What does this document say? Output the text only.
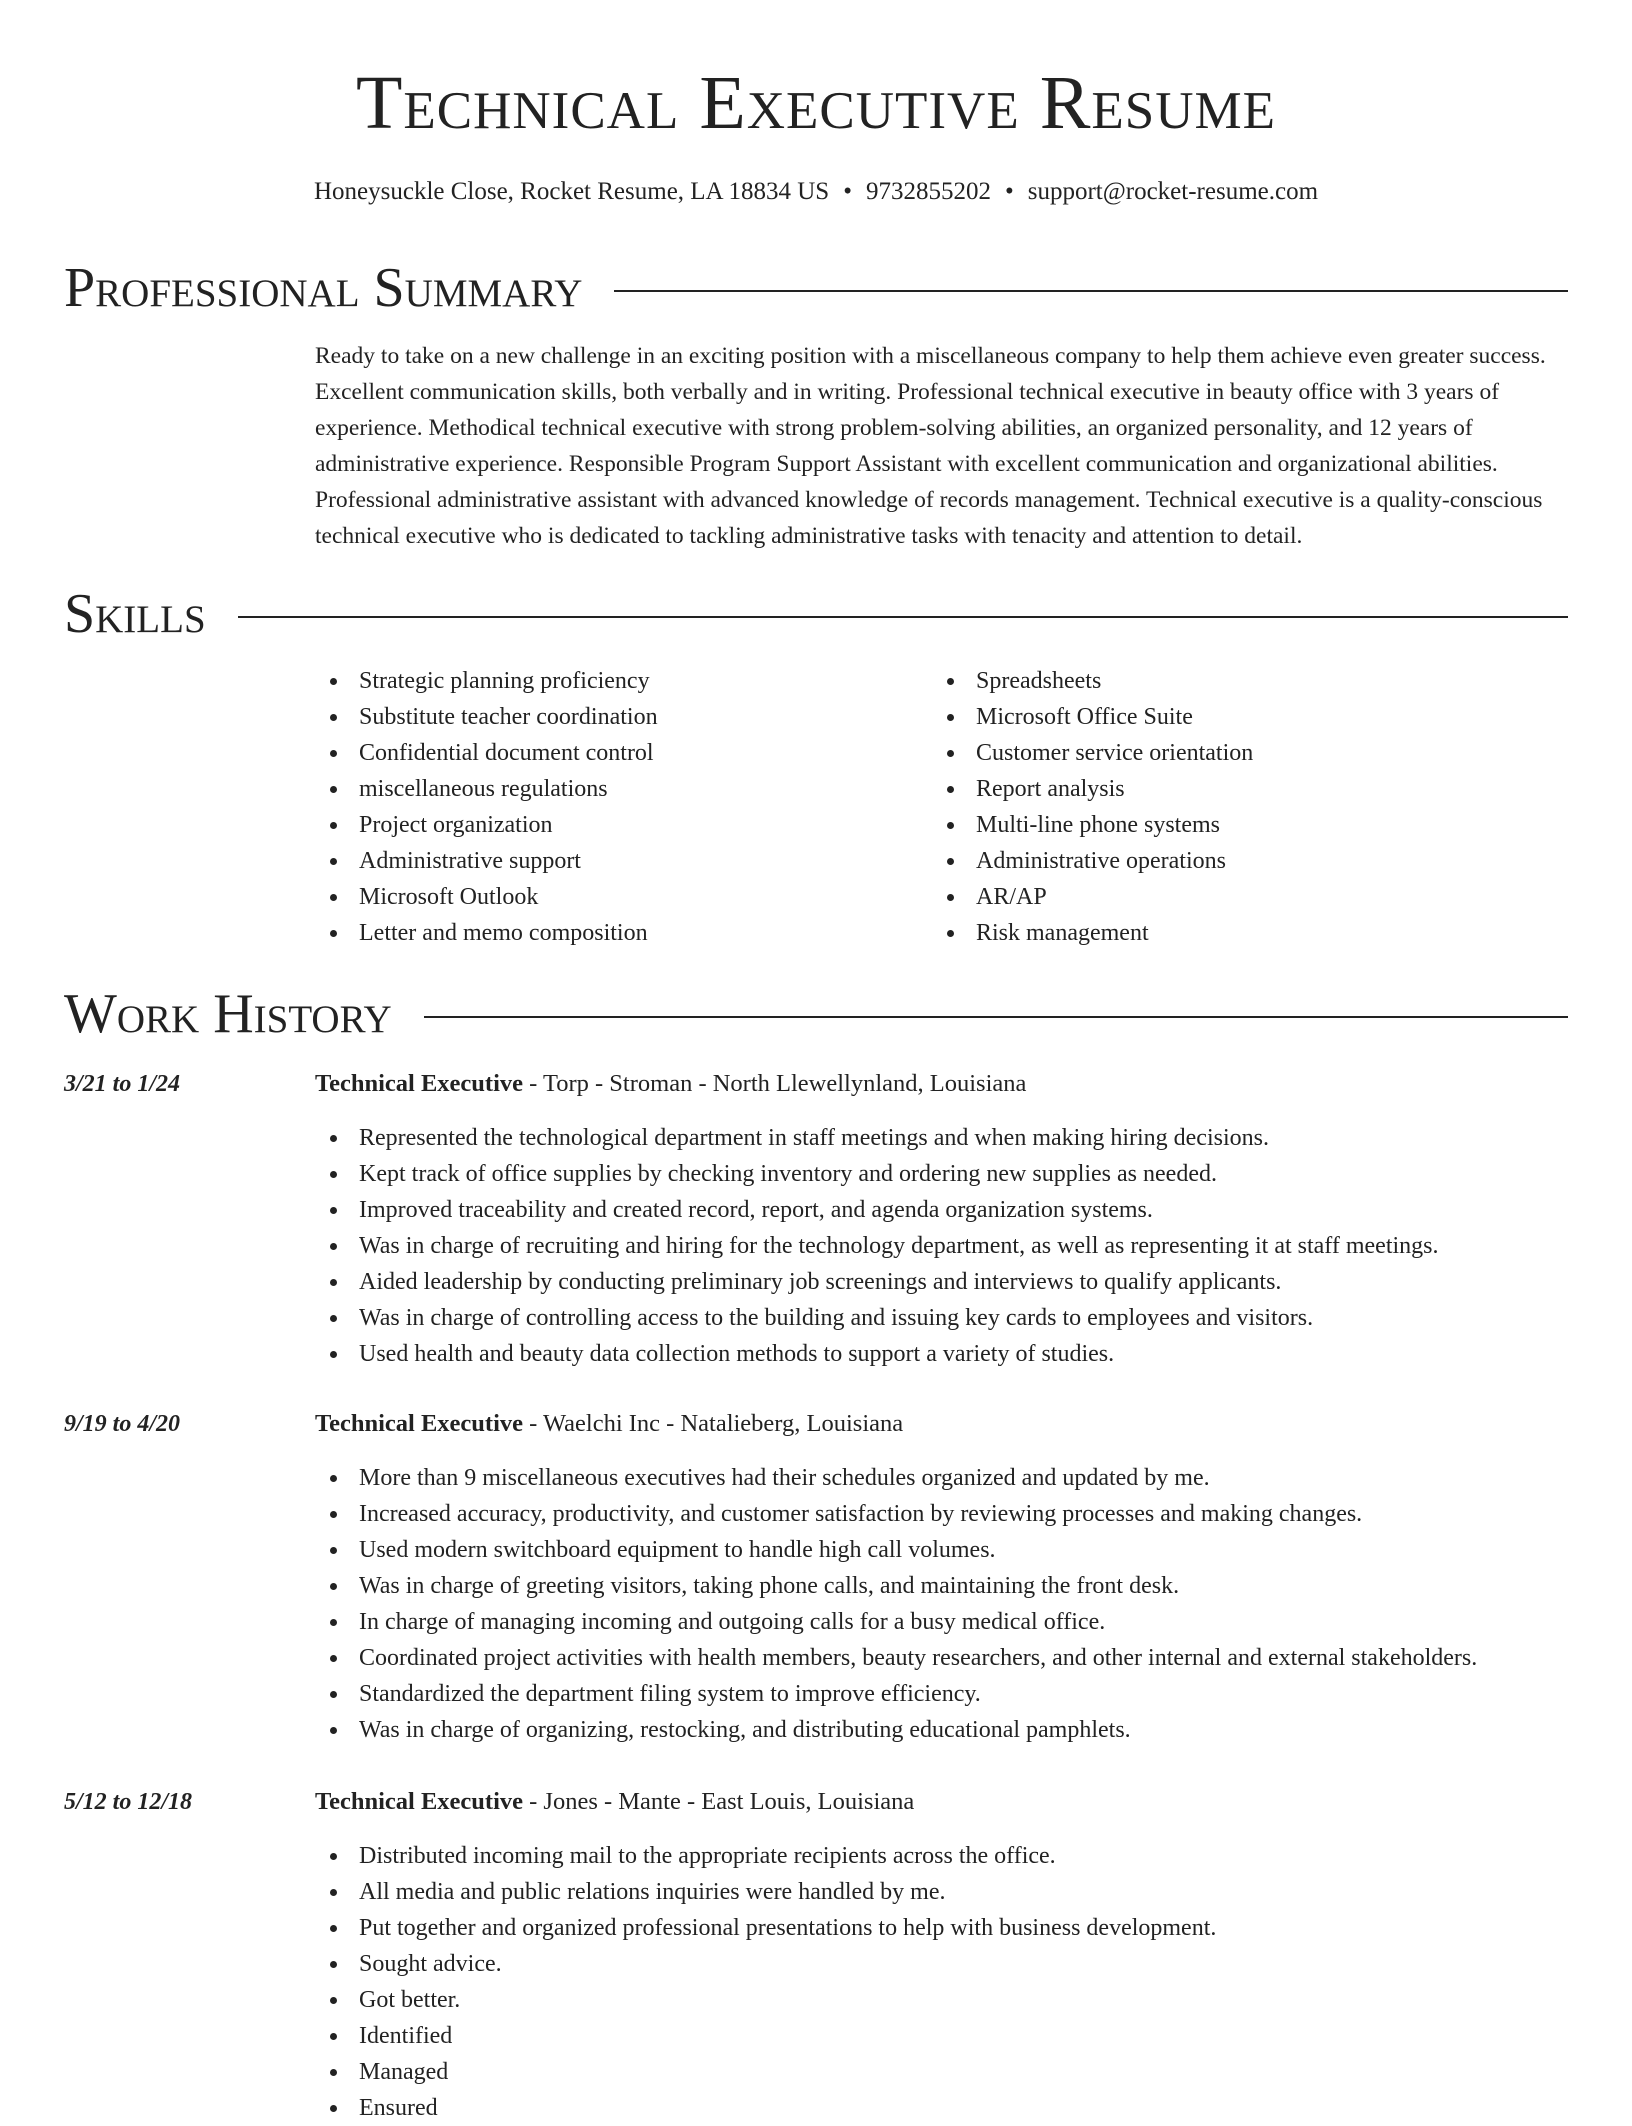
Technical Executive Resume
Honeysuckle Close, Rocket Resume, LA 18834 US • 9732855202 • support@rocket-resume.com
Professional Summary
Ready to take on a new challenge in an exciting position with a miscellaneous company to help them achieve even greater success. Excellent communication skills, both verbally and in writing. Professional technical executive in beauty office with 3 years of experience. Methodical technical executive with strong problem-solving abilities, an organized personality, and 12 years of administrative experience. Responsible Program Support Assistant with excellent communication and organizational abilities. Professional administrative assistant with advanced knowledge of records management. Technical executive is a quality-conscious technical executive who is dedicated to tackling administrative tasks with tenacity and attention to detail.
Skills
Strategic planning proficiency
Substitute teacher coordination
Confidential document control
miscellaneous regulations
Project organization
Administrative support
Microsoft Outlook
Letter and memo composition
Spreadsheets
Microsoft Office Suite
Customer service orientation
Report analysis
Multi-line phone systems
Administrative operations
AR/AP
Risk management
Work History
3/21 to 1/24	Technical Executive - Torp - Stroman - North Llewellynland, Louisiana
Represented the technological department in staff meetings and when making hiring decisions.
Kept track of office supplies by checking inventory and ordering new supplies as needed.
Improved traceability and created record, report, and agenda organization systems.
Was in charge of recruiting and hiring for the technology department, as well as representing it at staff meetings.
Aided leadership by conducting preliminary job screenings and interviews to qualify applicants.
Was in charge of controlling access to the building and issuing key cards to employees and visitors.
Used health and beauty data collection methods to support a variety of studies.
9/19 to 4/20	Technical Executive - Waelchi Inc - Natalieberg, Louisiana
More than 9 miscellaneous executives had their schedules organized and updated by me.
Increased accuracy, productivity, and customer satisfaction by reviewing processes and making changes.
Used modern switchboard equipment to handle high call volumes.
Was in charge of greeting visitors, taking phone calls, and maintaining the front desk.
In charge of managing incoming and outgoing calls for a busy medical office.
Coordinated project activities with health members, beauty researchers, and other internal and external stakeholders.
Standardized the department filing system to improve efficiency.
Was in charge of organizing, restocking, and distributing educational pamphlets.
5/12 to 12/18	Technical Executive - Jones - Mante - East Louis, Louisiana
Distributed incoming mail to the appropriate recipients across the office.
All media and public relations inquiries were handled by me.
Put together and organized professional presentations to help with business development.
Sought advice.
Got better.
Identified
Managed
Ensured
